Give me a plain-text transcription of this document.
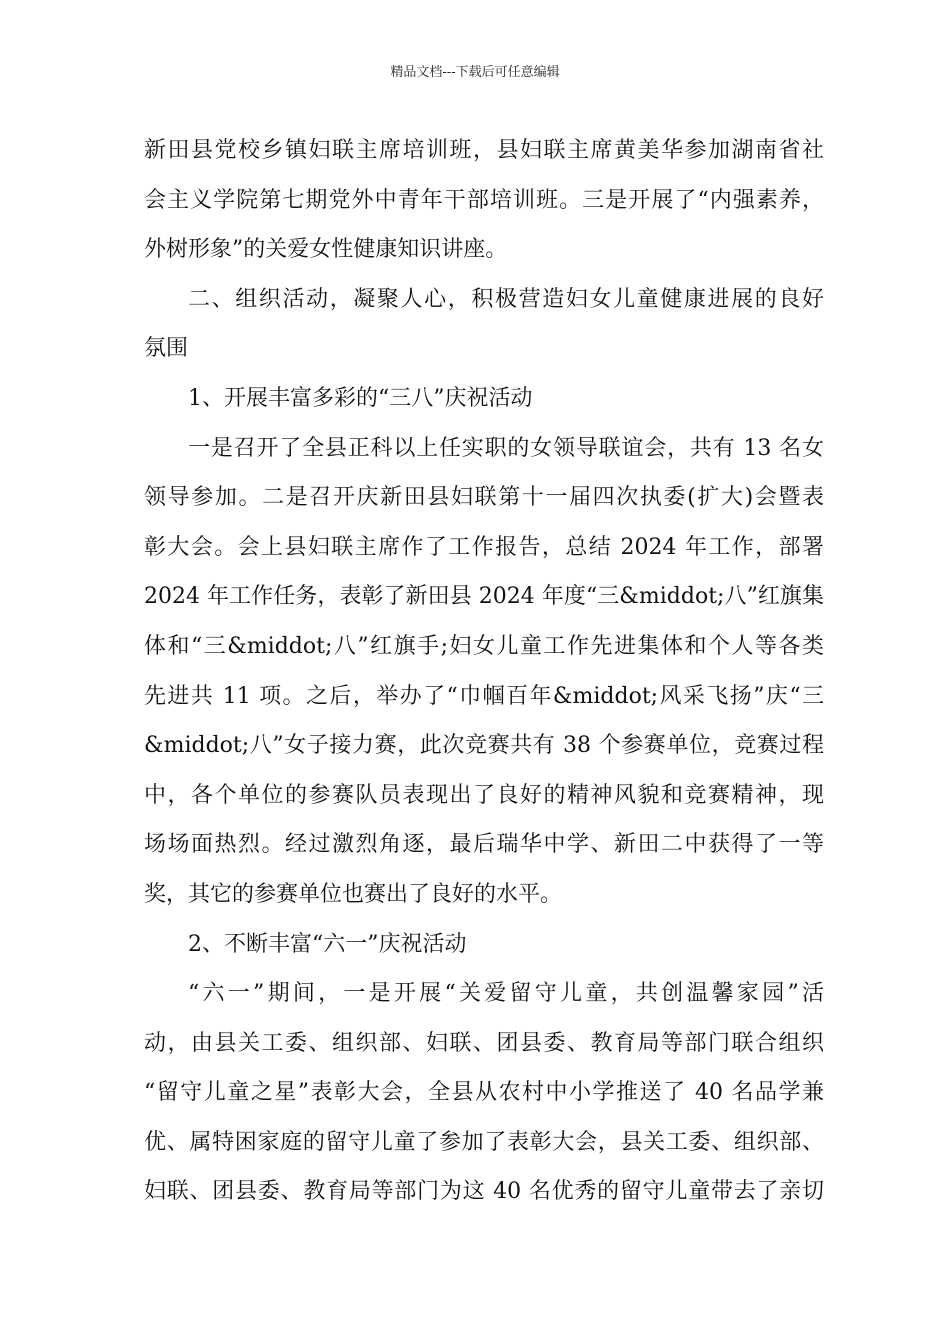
精品文档---下载后可任意编辑
新田县党校乡镇妇联主席培训班，县妇联主席黄美华参加湖南省社
会主义学院第七期党外中青年干部培训班。三是开展了“内强素养，
外树形象”的关爱女性健康知识讲座。
二、组织活动，凝聚人心，积极营造妇女儿童健康进展的良好
氛围
1、开展丰富多彩的“三八”庆祝活动
一是召开了全县正科以上任实职的女领导联谊会，共有 13 名女
领导参加。二是召开庆新田县妇联第十一届四次执委(扩大)会暨表
彰大会。会上县妇联主席作了工作报告，总结 2024 年工作，部署
2024 年工作任务，表彰了新田县 2024 年度“三&middot;八”红旗集
体和“三&middot;八”红旗手;妇女儿童工作先进集体和个人等各类
先进共 11 项。之后，举办了“巾帼百年&middot;风采飞扬”庆“三
&middot;八”女子接力赛，此次竞赛共有 38 个参赛单位，竞赛过程
中，各个单位的参赛队员表现出了良好的精神风貌和竞赛精神，现
场场面热烈。经过激烈角逐，最后瑞华中学、新田二中获得了一等
奖，其它的参赛单位也赛出了良好的水平。
2、不断丰富“六一”庆祝活动
“六一”期间，一是开展“关爱留守儿童，共创温馨家园”活
动，由县关工委、组织部、妇联、团县委、教育局等部门联合组织
“留守儿童之星”表彰大会，全县从农村中小学推送了 40 名品学兼
优、属特困家庭的留守儿童了参加了表彰大会，县关工委、组织部、
妇联、团县委、教育局等部门为这 40 名优秀的留守儿童带去了亲切
